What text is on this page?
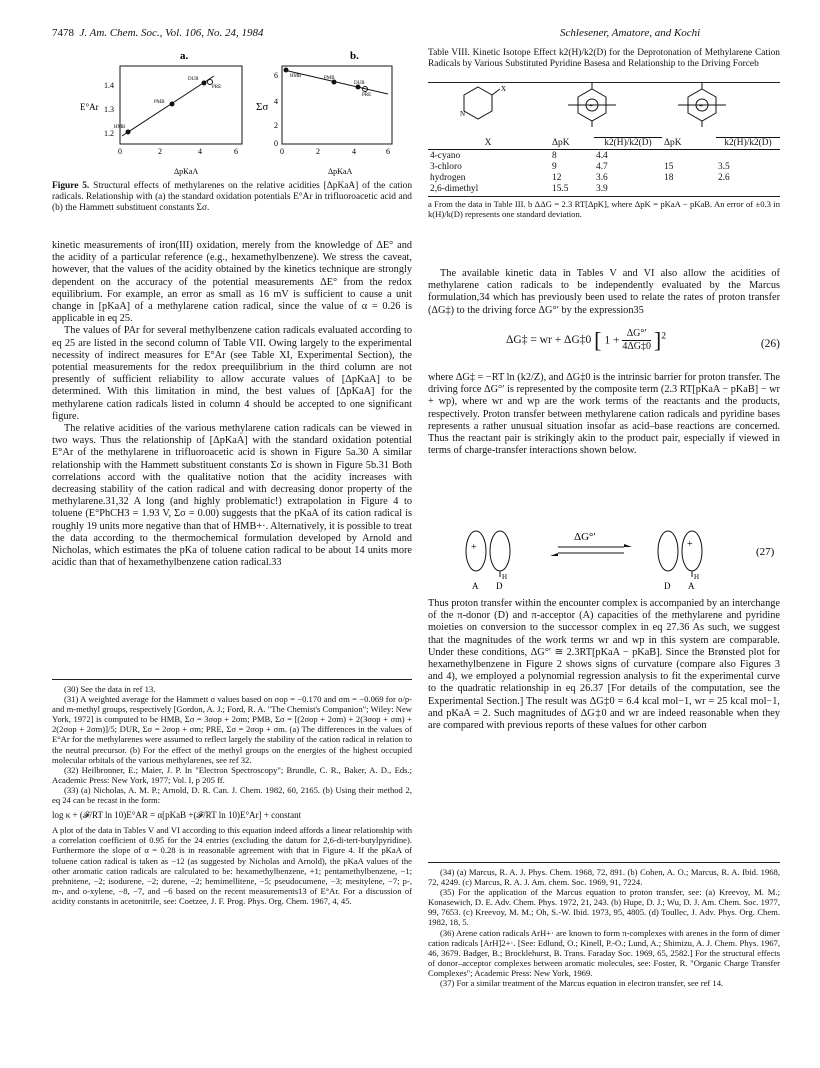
7478 J. Am. Chem. Soc., Vol. 106, No. 24, 1984	Schlesener, Amatore, and Kochi
a.
E°Ar
1.4
1.3
1.2
0	2	4	6
HMB
PMB
DUR
PRE
ΔpKaA
b.
Σσ
6
4
2
0
0	2	4	6
HMB	PMB
DUR
PRE
ΔpKaA
Figure 5. Structural effects of methylarenes on the relative acidities [ΔpKaA] of the cation radicals. Relationship with (a) the standard oxidation potentials E°Ar in trifluoroacetic acid and (b) the Hammett substituent constants Σσ.

kinetic measurements of iron(III) oxidation, merely from the knowledge of ΔE° and the acidity of a particular reference (e.g., hexamethylbenzene). We stress the caveat, however, that the values of the acidity obtained by the kinetics technique are strongly dependent on the accuracy of the potential measurements ΔE° from the redox equilibrium. For example, an error as small as 16 mV is sufficient to cause a unit change in [pKaA] of a methylarene cation radical, since the value of α = 0.26 is applicable in eq 25.

The values of PAr for several methylbenzene cation radicals evaluated according to eq 25 are listed in the second column of Table VII. Owing largely to the experimental necessity of indirect measures for E°Ar (see Table XI, Experimental Section), the potential measurements for the redox preequilibrium in the third column are not presently of sufficient reliability to allow accurate values of [ΔpKaA] to be determined. With this limitation in mind, the best values of [ΔpKaA] for the methylarene cation radicals listed in column 4 should be accepted to one significant figure.

The relative acidities of the various methylarene cation radicals can be viewed in two ways. Thus the relationship of [ΔpKaA] with the standard oxidation potential E°Ar of the methylarene in trifluoroacetic acid is shown in Figure 5a.30 A similar relationship with the Hammett substituent constants Σσ is shown in Figure 5b.31 Both correlations accord with the qualitative notion that the acidity increases with decreasing stability of the cation radical and with decreasing donor property of the methylarene.31,32 A long (and highly problematic!) extrapolation in Figure 4 to toluene (E°PhCH3 = 1.93 V, Σσ = 0.00) suggests that the pKaA of its cation radical is roughly 19 units more negative than that of HMB+·. Alternatively, it is possible to treat the data according to the thermochemical formulation developed by Arnold and Nicholas, which estimates the pKa of toluene cation radical to be about 14 units more acidic than that of hexamethylbenzene cation radical.33

(30) See the data in ref 13.

(31) A weighted average for the Hammett σ values based on σop = −0.170 and σm = −0.069 for o/p- and m-methyl groups, respectively [Gordon, A. J.; Ford, R. A. "The Chemist's Companion"; Wiley: New York, 1972] is computed to be HMB, Σσ = 3σop + 2σm; PMB, Σσ = [(2σop + 2σm) + 2(3σop + σm) + 2(2σop + 2σm)]/5; DUR, Σσ = 2σop + σm; PRE, Σσ = 2σop + σm. (a) The differences in the values of E°Ar for the methylarenes were assumed to reflect largely the stability of the cation radical in relation to the neutral precursor. (b) For the effect of the methyl groups on the energies of the highest occupied molecular orbitals of the various methylarenes, see ref 32.

(32) Heilbronner, E.; Maier, J. P. In "Electron Spectroscopy"; Brundle, C. R., Baker, A. D., Eds.; Academic Press: New York, 1977; Vol. I, p 205 ff.

(33) (a) Nicholas, A. M. P.; Arnold, D. R. Can. J. Chem. 1982, 60, 2165. (b) Using their method 2, eq 24 can be recast in the form:

log κ + (𝓕/RT ln 10)E°AR = α[pKaB +(𝓕/RT ln 10)E°Ar] + constant

A plot of the data in Tables V and VI according to this equation indeed affords a linear relationship with a correlation coefficient of 0.95 for the 24 entries (excluding the datum for 2,6-di-tert-butylpyridine). Furthermore the slope of α = 0.28 is in reasonable agreement with that in Figure 4. If the pKaA of toluene cation radical is taken as −12 (as suggested by Nicholas and Arnold), the pKaA values of the other aromatic cation radicals are calculated to be: hexamethylbenzene, +1; pentamethylbenzene, −1; prehnitene, −2; isodurene, −2; durene, −2; hemimellitene, −5; pseudocumene, −3; mesitylene, −7; p-, m-, and o-xylene, −8, −7, and −6 based on the recent measurements13 of E°Ar. For a discussion of acidity constants in acetonitrile, see: Coetzee, J. F. Prog. Phys. Org. Chem. 1967, 4, 45.

Table VIII. Kinetic Isotope Effect k2(H)/k2(D) for the Deprotonation of Methylarene Cation Radicals by Various Substituted Pyridine Basesa and Relationship to the Driving Forceb
N
X
+	+
X	ΔpK	k2(H)/k2(D)	ΔpK	k2(H)/k2(D)

4-cyano	8	4.4		
3-chloro	9	4.7	15	3.5
hydrogen	12	3.6	18	2.6
2,6-dimethyl	15.5	3.9		

a From the data in Table III. b ΔΔG = 2.3 RT[ΔpK], where ΔpK = pKaA − pKaB. An error of ±0.3 in k(H)/k(D) represents one standard deviation.

The available kinetic data in Tables V and VI also allow the acidities of methylarene cation radicals to be independently evaluated by the Marcus formulation,34 which has previously been used to relate the rates of proton transfer (ΔG‡) to the driving force ΔG°′ by the expression35

ΔG‡ = wr + ΔG‡0 [ $1 + \frac{\Delta G^\circ'}{4\Delta G\ddagger 0} ]^2$
(26)

where ΔG‡ = −RT ln (k2/Z), and ΔG‡0 is the intrinsic barrier for proton transfer. The driving force ΔG°′ is represented by the composite term (2.3 RT[pKaA − pKaB] − wr + wp), where wr and wp are the work terms of the reactants and the products, respectively. Proton transfer between methylarene cation radicals and pyridine bases represents a rather unusual situation insofar as acid–base reactions are concerned. Thus the reactant pair is strikingly akin to the product pair, especially if viewed in terms of charge-transfer interactions shown below.

+
H
ΔG°′
+
H
(27)
A D	D A

Thus proton transfer within the encounter complex is accompanied by an interchange of the π-donor (D) and π-acceptor (A) capacities of the methylarene and pyridine moieties on conversion to the successor complex in eq 27.36 As such, we suggest that the magnitudes of the work terms wr and wp in this system are comparable. Under these conditions, ΔG°′ ≅ 2.3RT[pKaA − pKaB]. Since the Brønsted plot for hexamethylbenzene in Figure 2 shows signs of curvature (compare also Figures 3 and 4), we employed a polynomial regression analysis to fit the experimental curve to the quadratic relationship in eq 26.37 [For details of the computation, see the Experimental Section.] The result was ΔG‡0 = 6.4 kcal mol−1, wr = 25 kcal mol−1, and pKaA = 2. Such magnitudes of ΔG‡0 and wr are indeed reasonable when they are compared with previous reports of these values for other carbon

(34) (a) Marcus, R. A. J. Phys. Chem. 1968, 72, 891. (b) Cohen, A. O.; Marcus, R. A. Ibid. 1968, 72, 4249. (c) Marcus, R. A. J. Am. chem. Soc. 1969, 91, 7224.

(35) For the application of the Marcus equation to proton transfer, see: (a) Kreevoy, M. M.; Konasewich, D. E. Adv. Chem. Phys. 1972, 21, 243. (b) Hupe, D. J.; Wu, D. J. Am. Chem. Soc. 1977, 99, 7653. (c) Kreevoy, M. M.; Oh, S.-W. Ibid. 1973, 95, 4805. (d) Toullec, J. Adv. Phys. Org. Chem. 1982, 18, 5.

(36) Arene cation radicals ArH+· are known to form π-complexes with arenes in the form of dimer cation radicals [ArH]2+·. [See: Edlund, O.; Kinell, P.-O.; Lund, A.; Shimizu, A. J. Chem. Phys. 1967, 46, 3679. Badger, B.; Brocklehurst, B. Trans. Faraday Soc. 1969, 65, 2582.] For the structural effects of donor–acceptor complexes between aromatic molecules, see: Foster, R. "Organic Charge Transfer Complexes"; Academic Press: New York, 1969.

(37) For a similar treatment of the Marcus equation in electron transfer, see ref 14.
